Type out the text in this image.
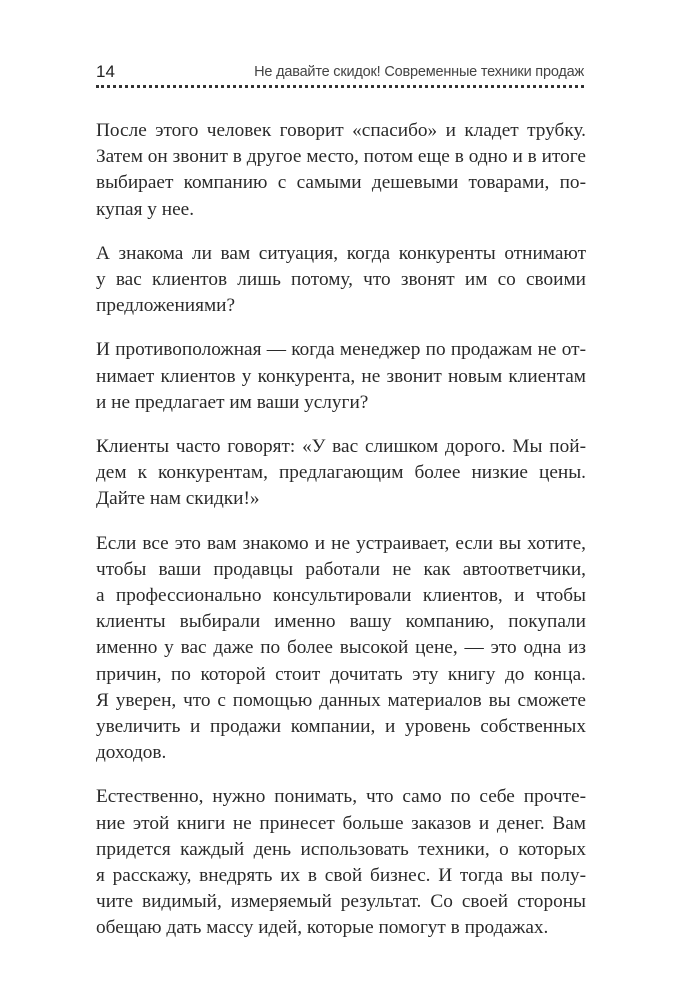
14	Не давайте скидок! Современные техники продаж

После этого человек говорит «спасибо» и кладет трубку.
Затем он звонит в другое место, потом еще в одно и в итоге
выбирает компанию с самыми дешевыми товарами, по-
купая у нее.

А знакома ли вам ситуация, когда конкуренты отнимают
у вас клиентов лишь потому, что звонят им со своими
предложениями?

И противоположная — когда менеджер по продажам не от-
нимает клиентов у конкурента, не звонит новым клиентам
и не предлагает им ваши услуги?

Клиенты часто говорят: «У вас слишком дорого. Мы пой-
дем к конкурентам, предлагающим более низкие цены.
Дайте нам скидки!»

Если все это вам знакомо и не устраивает, если вы хотите,
чтобы ваши продавцы работали не как автоответчики,
а профессионально консультировали клиентов, и чтобы
клиенты выбирали именно вашу компанию, покупали
именно у вас даже по более высокой цене, — это одна из
причин, по которой стоит дочитать эту книгу до конца.
Я уверен, что с помощью данных материалов вы сможете
увеличить и продажи компании, и уровень собственных
доходов.

Естественно, нужно понимать, что само по себе прочте-
ние этой книги не принесет больше заказов и денег. Вам
придется каждый день использовать техники, о которых
я расскажу, внедрять их в свой бизнес. И тогда вы полу-
чите видимый, измеряемый результат. Со своей стороны
обещаю дать массу идей, которые помогут в продажах.
